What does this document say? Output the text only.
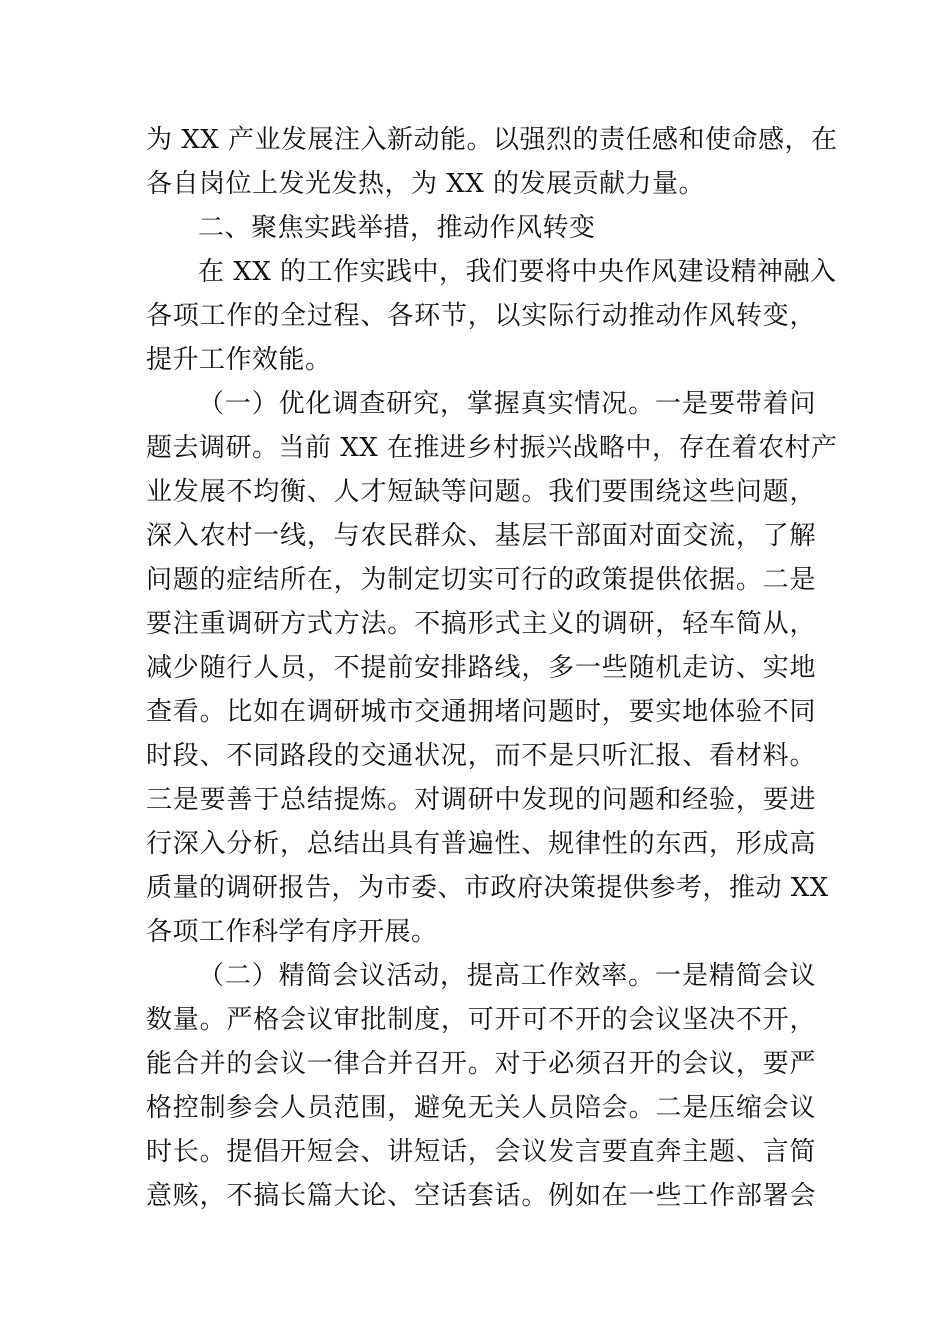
为 XX 产业发展注入新动能。以强烈的责任感和使命感，在
各自岗位上发光发热，为 XX 的发展贡献力量。
二、聚焦实践举措，推动作风转变
在 XX 的工作实践中，我们要将中央作风建设精神融入
各项工作的全过程、各环节，以实际行动推动作风转变，
提升工作效能。
（一）优化调查研究，掌握真实情况。一是要带着问
题去调研。当前 XX 在推进乡村振兴战略中，存在着农村产
业发展不均衡、人才短缺等问题。我们要围绕这些问题，
深入农村一线，与农民群众、基层干部面对面交流，了解
问题的症结所在，为制定切实可行的政策提供依据。二是
要注重调研方式方法。不搞形式主义的调研，轻车简从，
减少随行人员，不提前安排路线，多一些随机走访、实地
查看。比如在调研城市交通拥堵问题时，要实地体验不同
时段、不同路段的交通状况，而不是只听汇报、看材料。
三是要善于总结提炼。对调研中发现的问题和经验，要进
行深入分析，总结出具有普遍性、规律性的东西，形成高
质量的调研报告，为市委、市政府决策提供参考，推动 XX
各项工作科学有序开展。
（二）精简会议活动，提高工作效率。一是精简会议
数量。严格会议审批制度，可开可不开的会议坚决不开，
能合并的会议一律合并召开。对于必须召开的会议，要严
格控制参会人员范围，避免无关人员陪会。二是压缩会议
时长。提倡开短会、讲短话，会议发言要直奔主题、言简
意赅，不搞长篇大论、空话套话。例如在一些工作部署会
